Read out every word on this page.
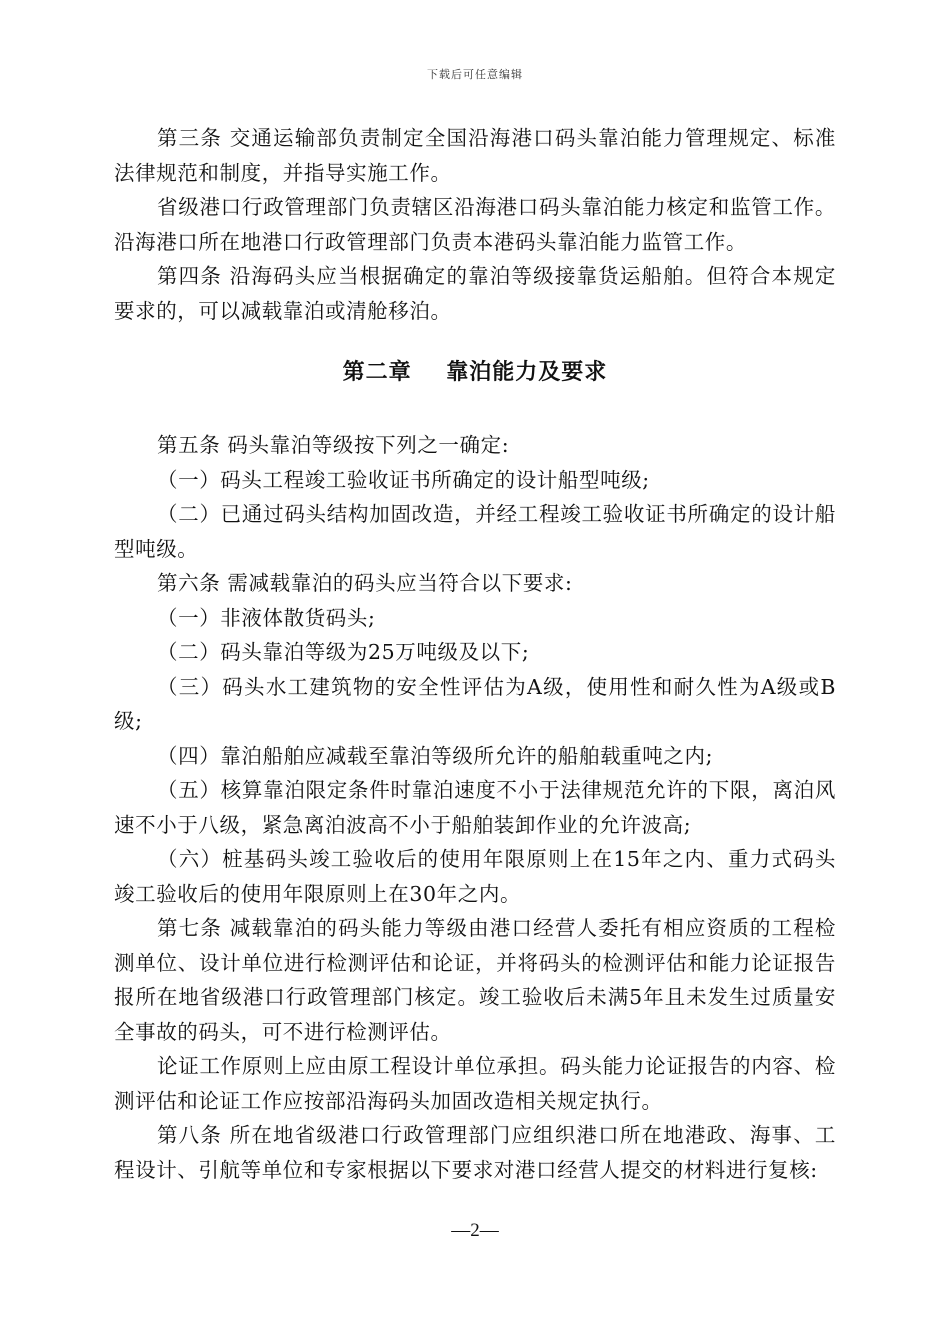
下载后可任意编辑

第三条 交通运输部负责制定全国沿海港口码头靠泊能力管理规定、标准法律规范和制度，并指导实施工作。

省级港口行政管理部门负责辖区沿海港口码头靠泊能力核定和监管工作。沿海港口所在地港口行政管理部门负责本港码头靠泊能力监管工作。

第四条 沿海码头应当根据确定的靠泊等级接靠货运船舶。但符合本规定要求的，可以减载靠泊或清舱移泊。

第二章    靠泊能力及要求

第五条 码头靠泊等级按下列之一确定:

（一）码头工程竣工验收证书所确定的设计船型吨级;

（二）已通过码头结构加固改造，并经工程竣工验收证书所确定的设计船型吨级。

第六条 需减载靠泊的码头应当符合以下要求:

（一）非液体散货码头;

（二）码头靠泊等级为25万吨级及以下;

（三）码头水工建筑物的安全性评估为A级，使用性和耐久性为A级或B级;

（四）靠泊船舶应减载至靠泊等级所允许的船舶载重吨之内;

（五）核算靠泊限定条件时靠泊速度不小于法律规范允许的下限，离泊风速不小于八级，紧急离泊波高不小于船舶装卸作业的允许波高;

（六）桩基码头竣工验收后的使用年限原则上在15年之内、重力式码头竣工验收后的使用年限原则上在30年之内。

第七条 减载靠泊的码头能力等级由港口经营人委托有相应资质的工程检测单位、设计单位进行检测评估和论证，并将码头的检测评估和能力论证报告报所在地省级港口行政管理部门核定。竣工验收后未满5年且未发生过质量安全事故的码头，可不进行检测评估。

论证工作原则上应由原工程设计单位承担。码头能力论证报告的内容、检测评估和论证工作应按部沿海码头加固改造相关规定执行。

第八条 所在地省级港口行政管理部门应组织港口所在地港政、海事、工程设计、引航等单位和专家根据以下要求对港口经营人提交的材料进行复核:

—2—
